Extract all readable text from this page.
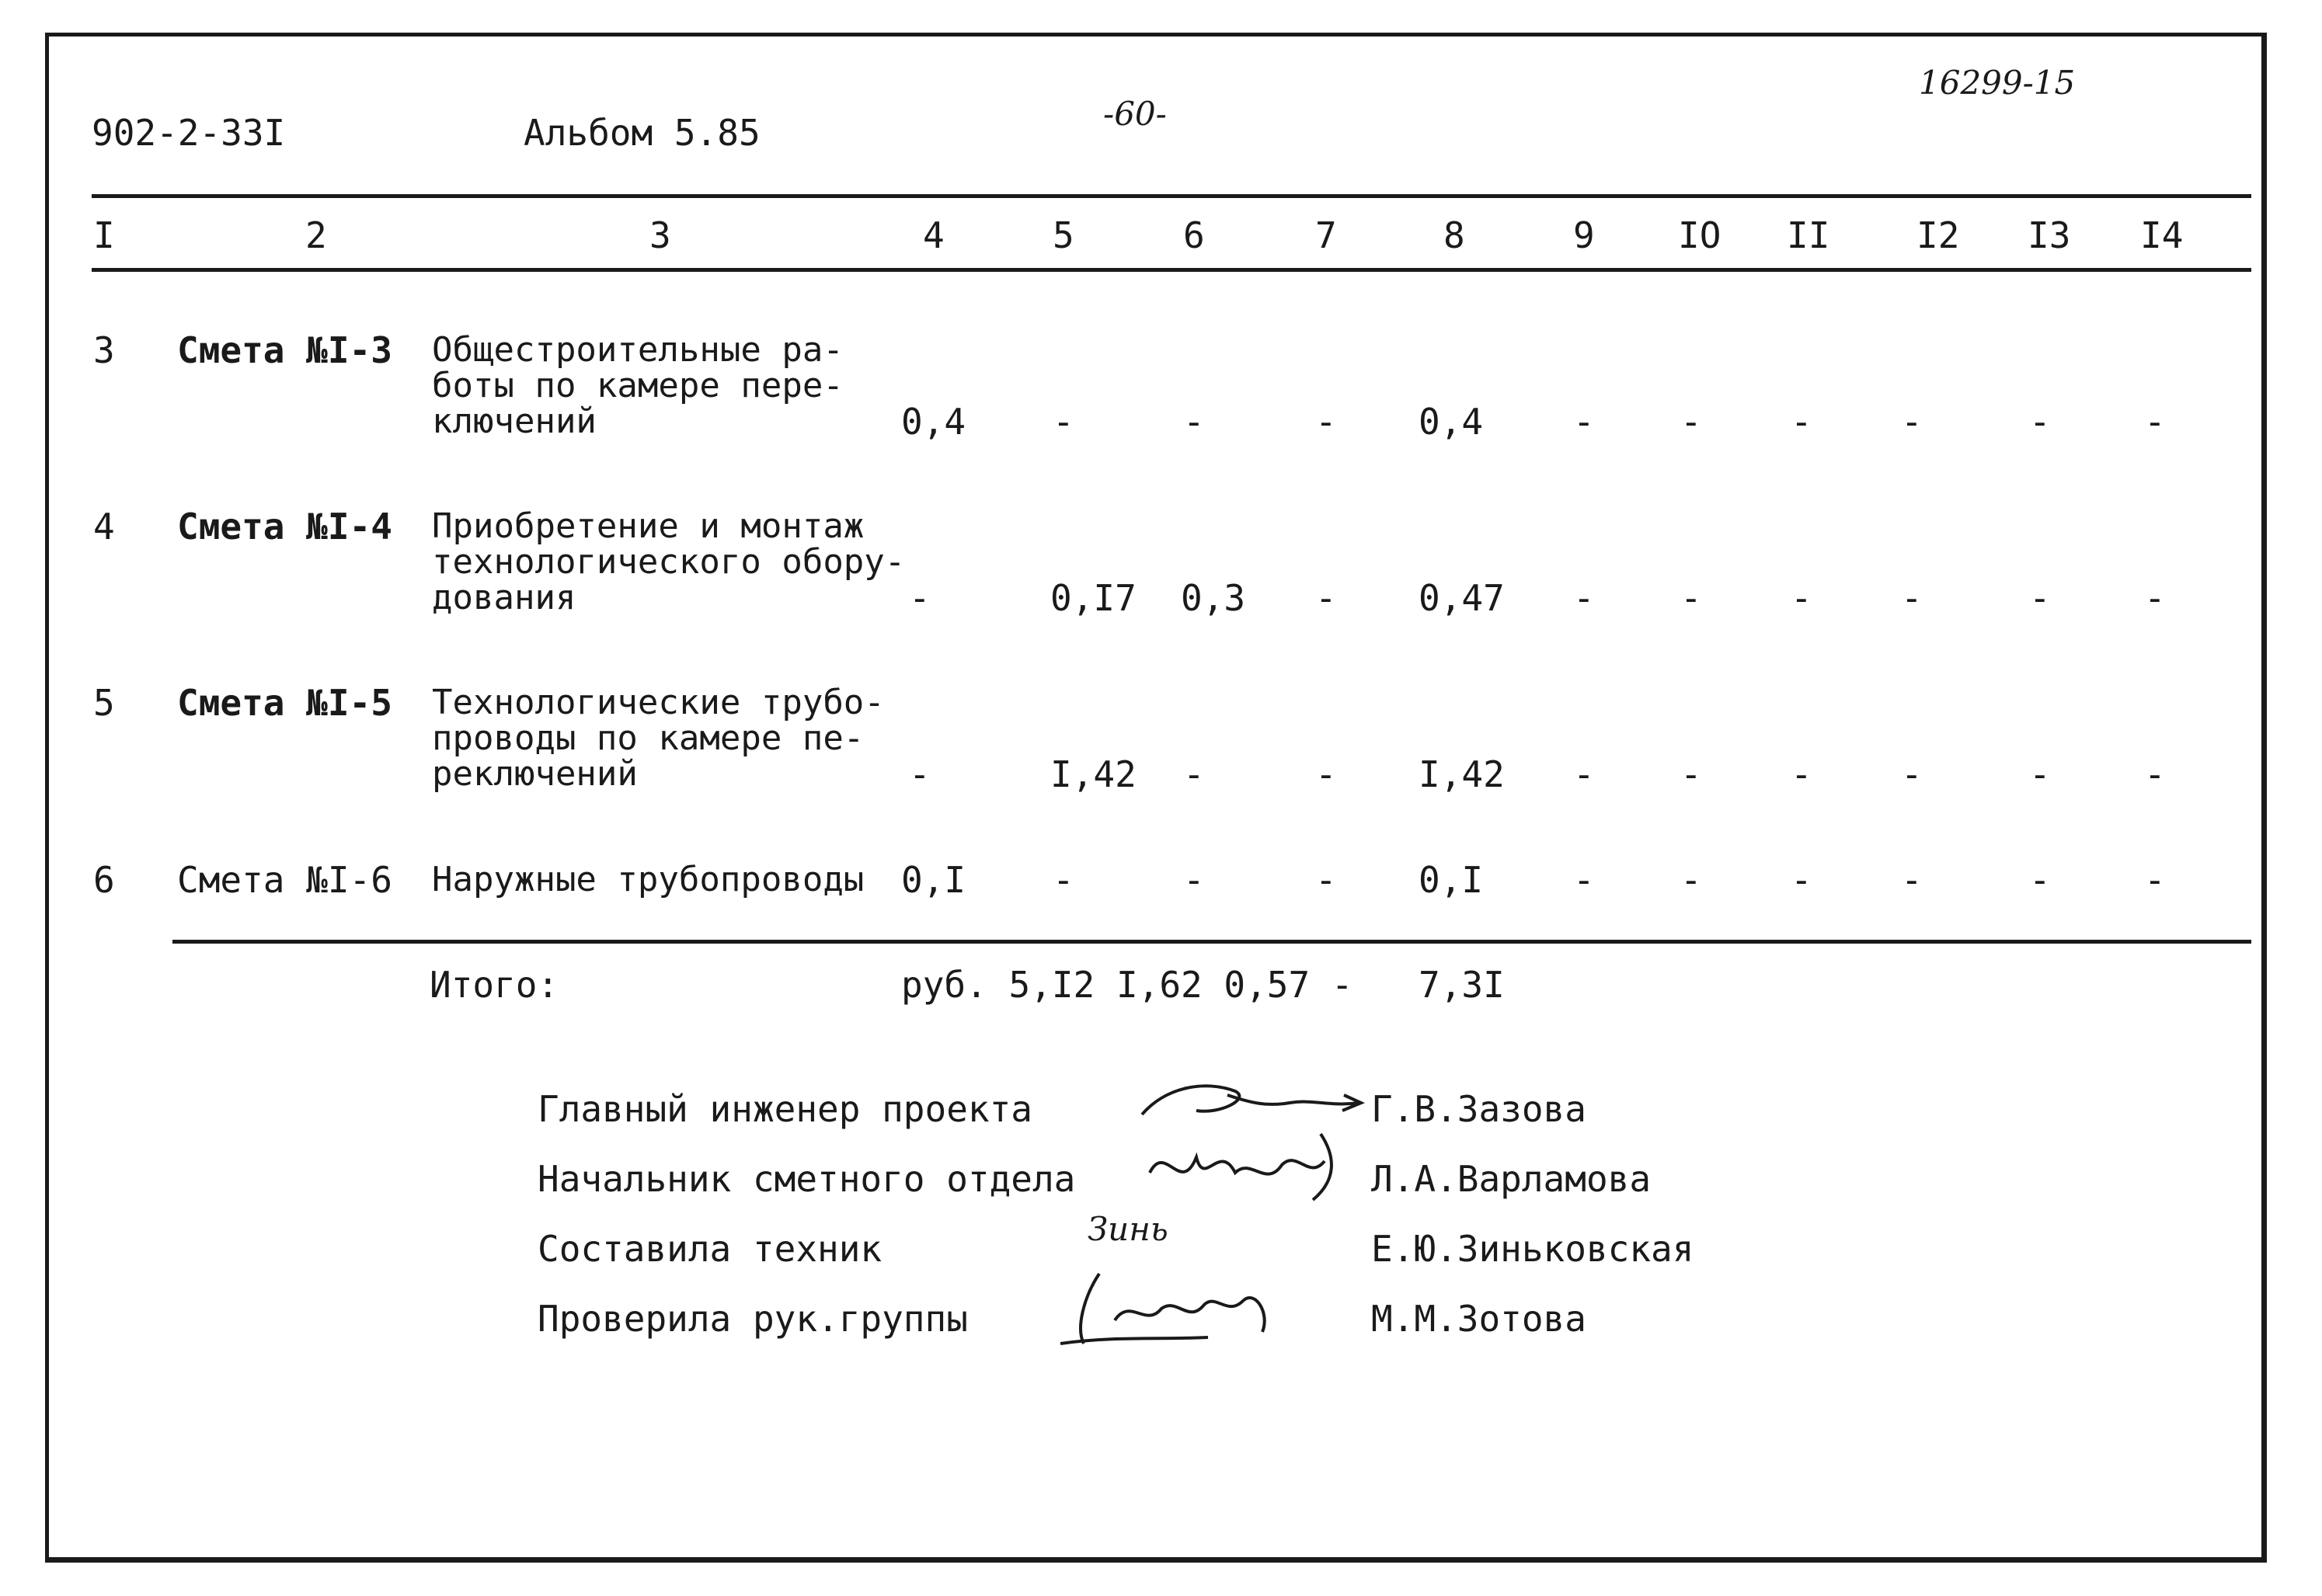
902-2-33I	Альбом 5.85	-60-
16299-15
I	2	3	4	5	6	7	8	9 IO II I2 I3 I4
3 Смета №I-3 Общестроительные ра-
боты по камере пере-
ключений	0,4 -	-	- 0,4	- - - -	-	-
4 Смета №I-4 Приобретение и монтаж
технологического обору-
дования	-	0,I7 0,3 - 0,47 - - - -	-	-
5 Смета №I-5 Технологические трубо-
проводы по камере пе-
реключений	-	I,42 -	- I,42 - - - -	-	-
6 Смета №I-6 Наружные трубопроводы 0,I -	-	- 0,I	- - - -	-	-
Итого:	руб. 5,I2 I,62 0,57 - 7,3I
Главный инженер проекта	Г.В.Зазова
Начальник сметного отдела	Л.А.Варламова
Составила техник	Зинь	Е.Ю.Зиньковская
Проверила рук.группы	М.М.Зотова
